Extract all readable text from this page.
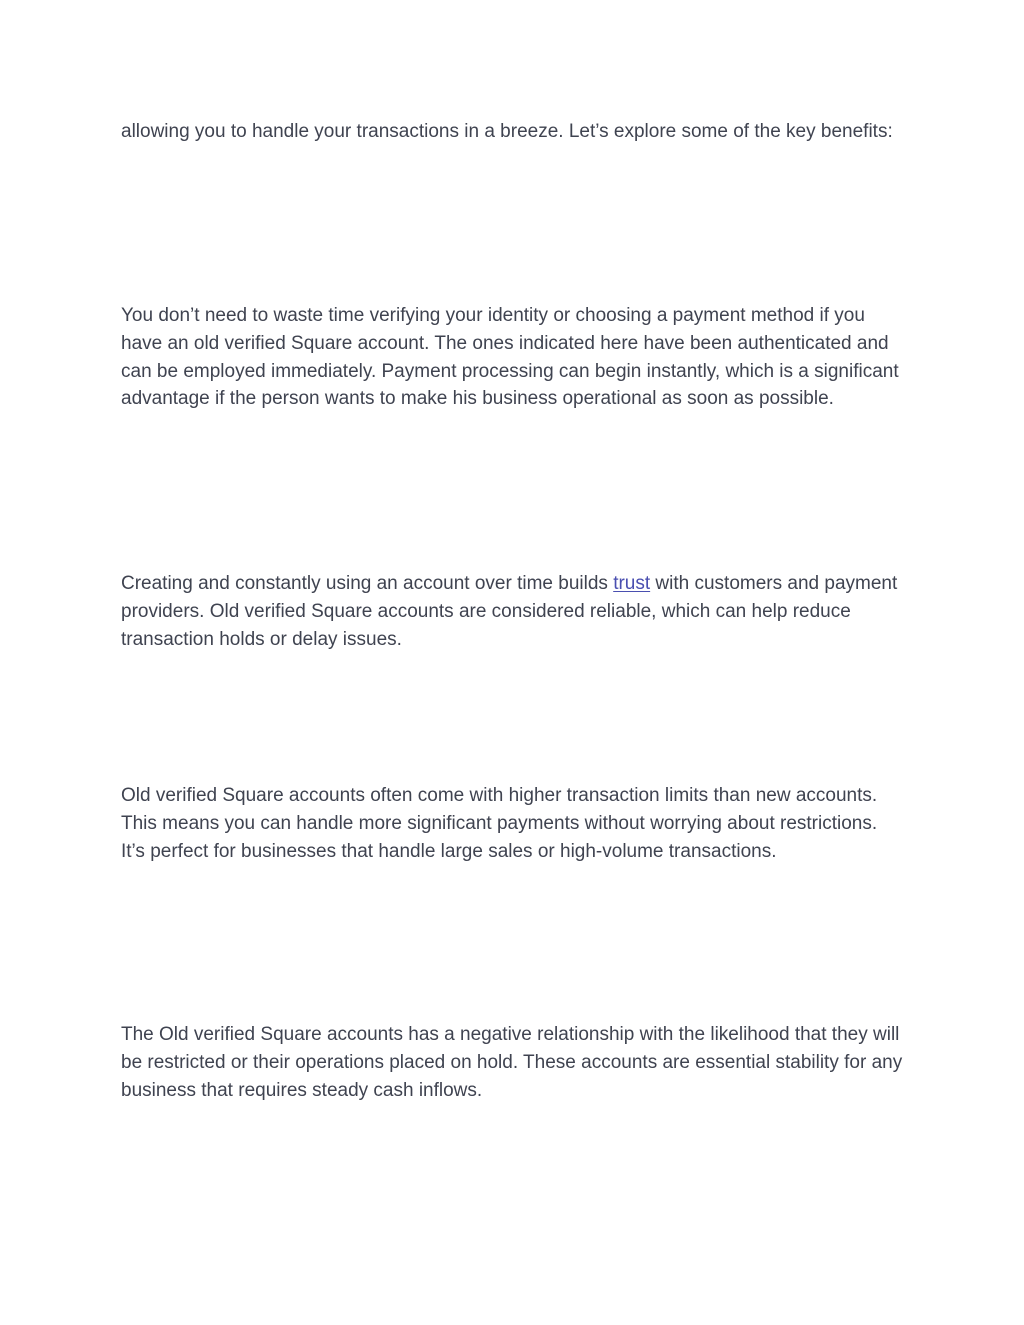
allowing you to handle your transactions in a breeze. Let’s explore some of the key benefits:

You don’t need to waste time verifying your identity or choosing a payment method if you have an old verified Square account. The ones indicated here have been authenticated and can be employed immediately. Payment processing can begin instantly, which is a significant advantage if the person wants to make his business operational as soon as possible.

Creating and constantly using an account over time builds trust with customers and payment providers. Old verified Square accounts are considered reliable, which can help reduce transaction holds or delay issues.

Old verified Square accounts often come with higher transaction limits than new accounts. This means you can handle more significant payments without worrying about restrictions. It’s perfect for businesses that handle large sales or high-volume transactions.

The Old verified Square accounts has a negative relationship with the likelihood that they will be restricted or their operations placed on hold. These accounts are essential stability for any business that requires steady cash inflows.
